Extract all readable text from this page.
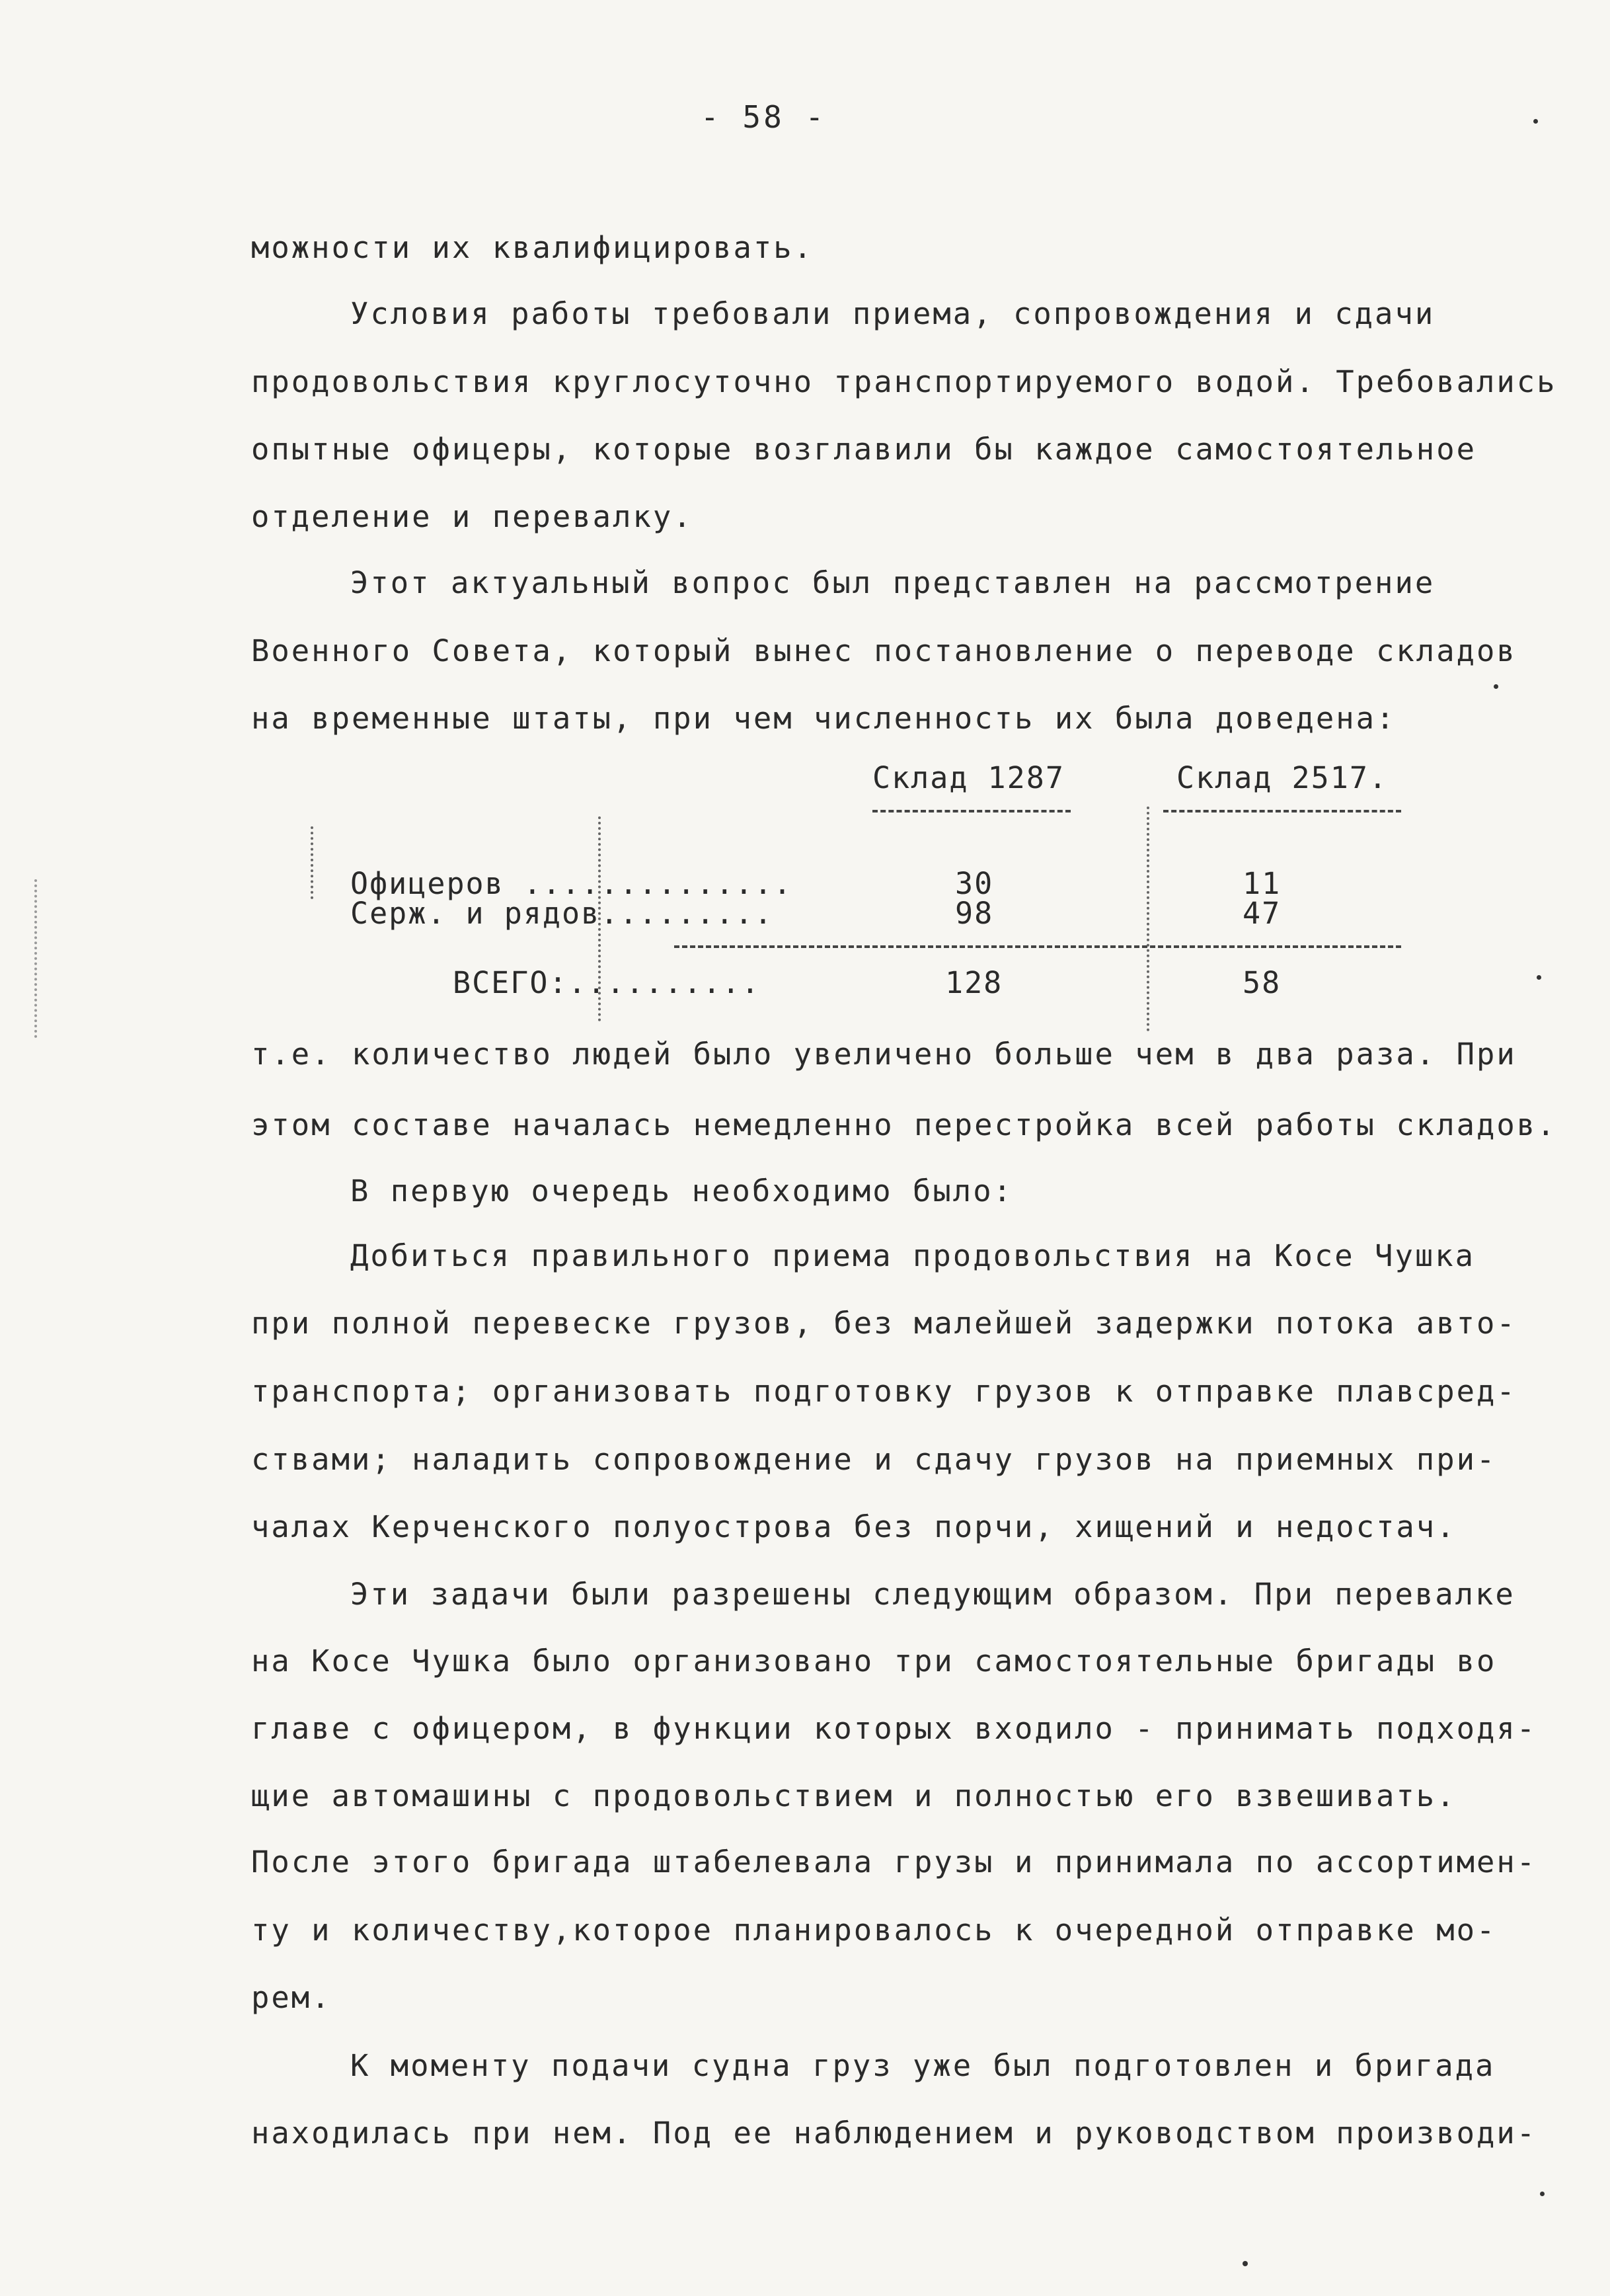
- 58 -
можности их квалифицировать.
Условия работы требовали приема, сопровождения и сдачи
продовольствия круглосуточно транспортируемого водой. Требовались
опытные офицеры, которые возглавили бы каждое самостоятельное
отделение и перевалку.
Этот актуальный вопрос был представлен на рассмотрение
Военного Совета, который вынес постановление о переводе складов
на временные штаты, при чем численность их была доведена:
Склад 1287	Склад 2517.
Офицеров ..............	30	11
Серж. и рядов.........	98	47
ВСЕГО:..........	128	58
т.е. количество людей было увеличено больше чем в два раза. При
этом составе началась немедленно перестройка всей работы складов.
В первую очередь необходимо было:
Добиться правильного приема продовольствия на Косе Чушка
при полной перевеске грузов, без малейшей задержки потока авто-
транспорта; организовать подготовку грузов к отправке плавсред-
ствами; наладить сопровождение и сдачу грузов на приемных при-
чалах Керченского полуострова без порчи, хищений и недостач.
Эти задачи были разрешены следующим образом. При перевалке
на Косе Чушка было организовано три самостоятельные бригады во
главе с офицером, в функции которых входило - принимать подходя-
щие автомашины с продовольствием и полностью его взвешивать.
После этого бригада штабелевала грузы и принимала по ассортимен-
ту и количеству,которое планировалось к очередной отправке мо-
рем.
К моменту подачи судна груз уже был подготовлен и бригада
находилась при нем. Под ее наблюдением и руководством производи-
